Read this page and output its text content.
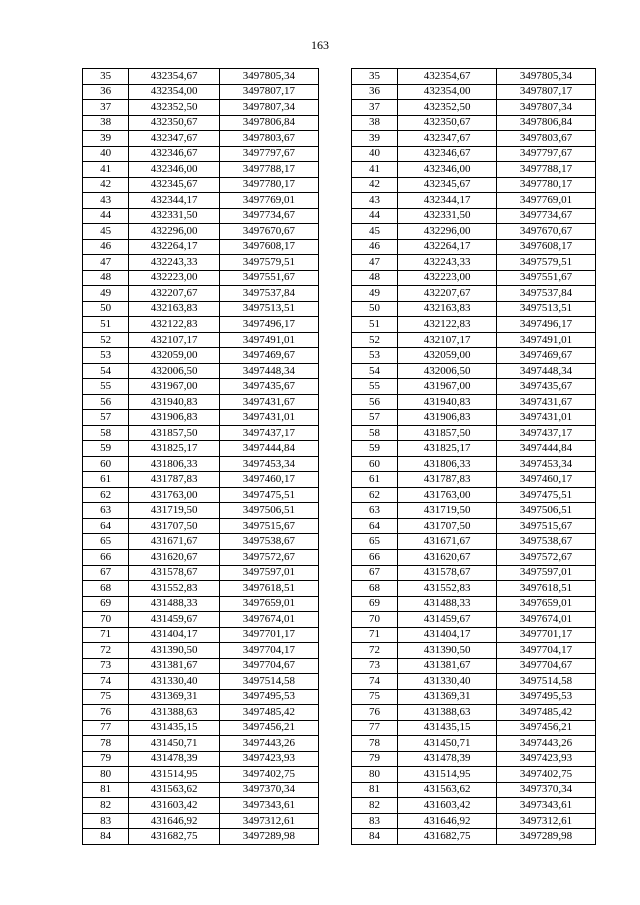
163
35	432354,67	3497805,34		35	432354,67	3497805,34
36	432354,00	3497807,17		36	432354,00	3497807,17
37	432352,50	3497807,34		37	432352,50	3497807,34
38	432350,67	3497806,84		38	432350,67	3497806,84
39	432347,67	3497803,67		39	432347,67	3497803,67
40	432346,67	3497797,67		40	432346,67	3497797,67
41	432346,00	3497788,17		41	432346,00	3497788,17
42	432345,67	3497780,17		42	432345,67	3497780,17
43	432344,17	3497769,01		43	432344,17	3497769,01
44	432331,50	3497734,67		44	432331,50	3497734,67
45	432296,00	3497670,67		45	432296,00	3497670,67
46	432264,17	3497608,17		46	432264,17	3497608,17
47	432243,33	3497579,51		47	432243,33	3497579,51
48	432223,00	3497551,67		48	432223,00	3497551,67
49	432207,67	3497537,84		49	432207,67	3497537,84
50	432163,83	3497513,51		50	432163,83	3497513,51
51	432122,83	3497496,17		51	432122,83	3497496,17
52	432107,17	3497491,01		52	432107,17	3497491,01
53	432059,00	3497469,67		53	432059,00	3497469,67
54	432006,50	3497448,34		54	432006,50	3497448,34
55	431967,00	3497435,67		55	431967,00	3497435,67
56	431940,83	3497431,67		56	431940,83	3497431,67
57	431906,83	3497431,01		57	431906,83	3497431,01
58	431857,50	3497437,17		58	431857,50	3497437,17
59	431825,17	3497444,84		59	431825,17	3497444,84
60	431806,33	3497453,34		60	431806,33	3497453,34
61	431787,83	3497460,17		61	431787,83	3497460,17
62	431763,00	3497475,51		62	431763,00	3497475,51
63	431719,50	3497506,51		63	431719,50	3497506,51
64	431707,50	3497515,67		64	431707,50	3497515,67
65	431671,67	3497538,67		65	431671,67	3497538,67
66	431620,67	3497572,67		66	431620,67	3497572,67
67	431578,67	3497597,01		67	431578,67	3497597,01
68	431552,83	3497618,51		68	431552,83	3497618,51
69	431488,33	3497659,01		69	431488,33	3497659,01
70	431459,67	3497674,01		70	431459,67	3497674,01
71	431404,17	3497701,17		71	431404,17	3497701,17
72	431390,50	3497704,17		72	431390,50	3497704,17
73	431381,67	3497704,67		73	431381,67	3497704,67
74	431330,40	3497514,58		74	431330,40	3497514,58
75	431369,31	3497495,53		75	431369,31	3497495,53
76	431388,63	3497485,42		76	431388,63	3497485,42
77	431435,15	3497456,21		77	431435,15	3497456,21
78	431450,71	3497443,26		78	431450,71	3497443,26
79	431478,39	3497423,93		79	431478,39	3497423,93
80	431514,95	3497402,75		80	431514,95	3497402,75
81	431563,62	3497370,34		81	431563,62	3497370,34
82	431603,42	3497343,61		82	431603,42	3497343,61
83	431646,92	3497312,61		83	431646,92	3497312,61
84	431682,75	3497289,98		84	431682,75	3497289,98
